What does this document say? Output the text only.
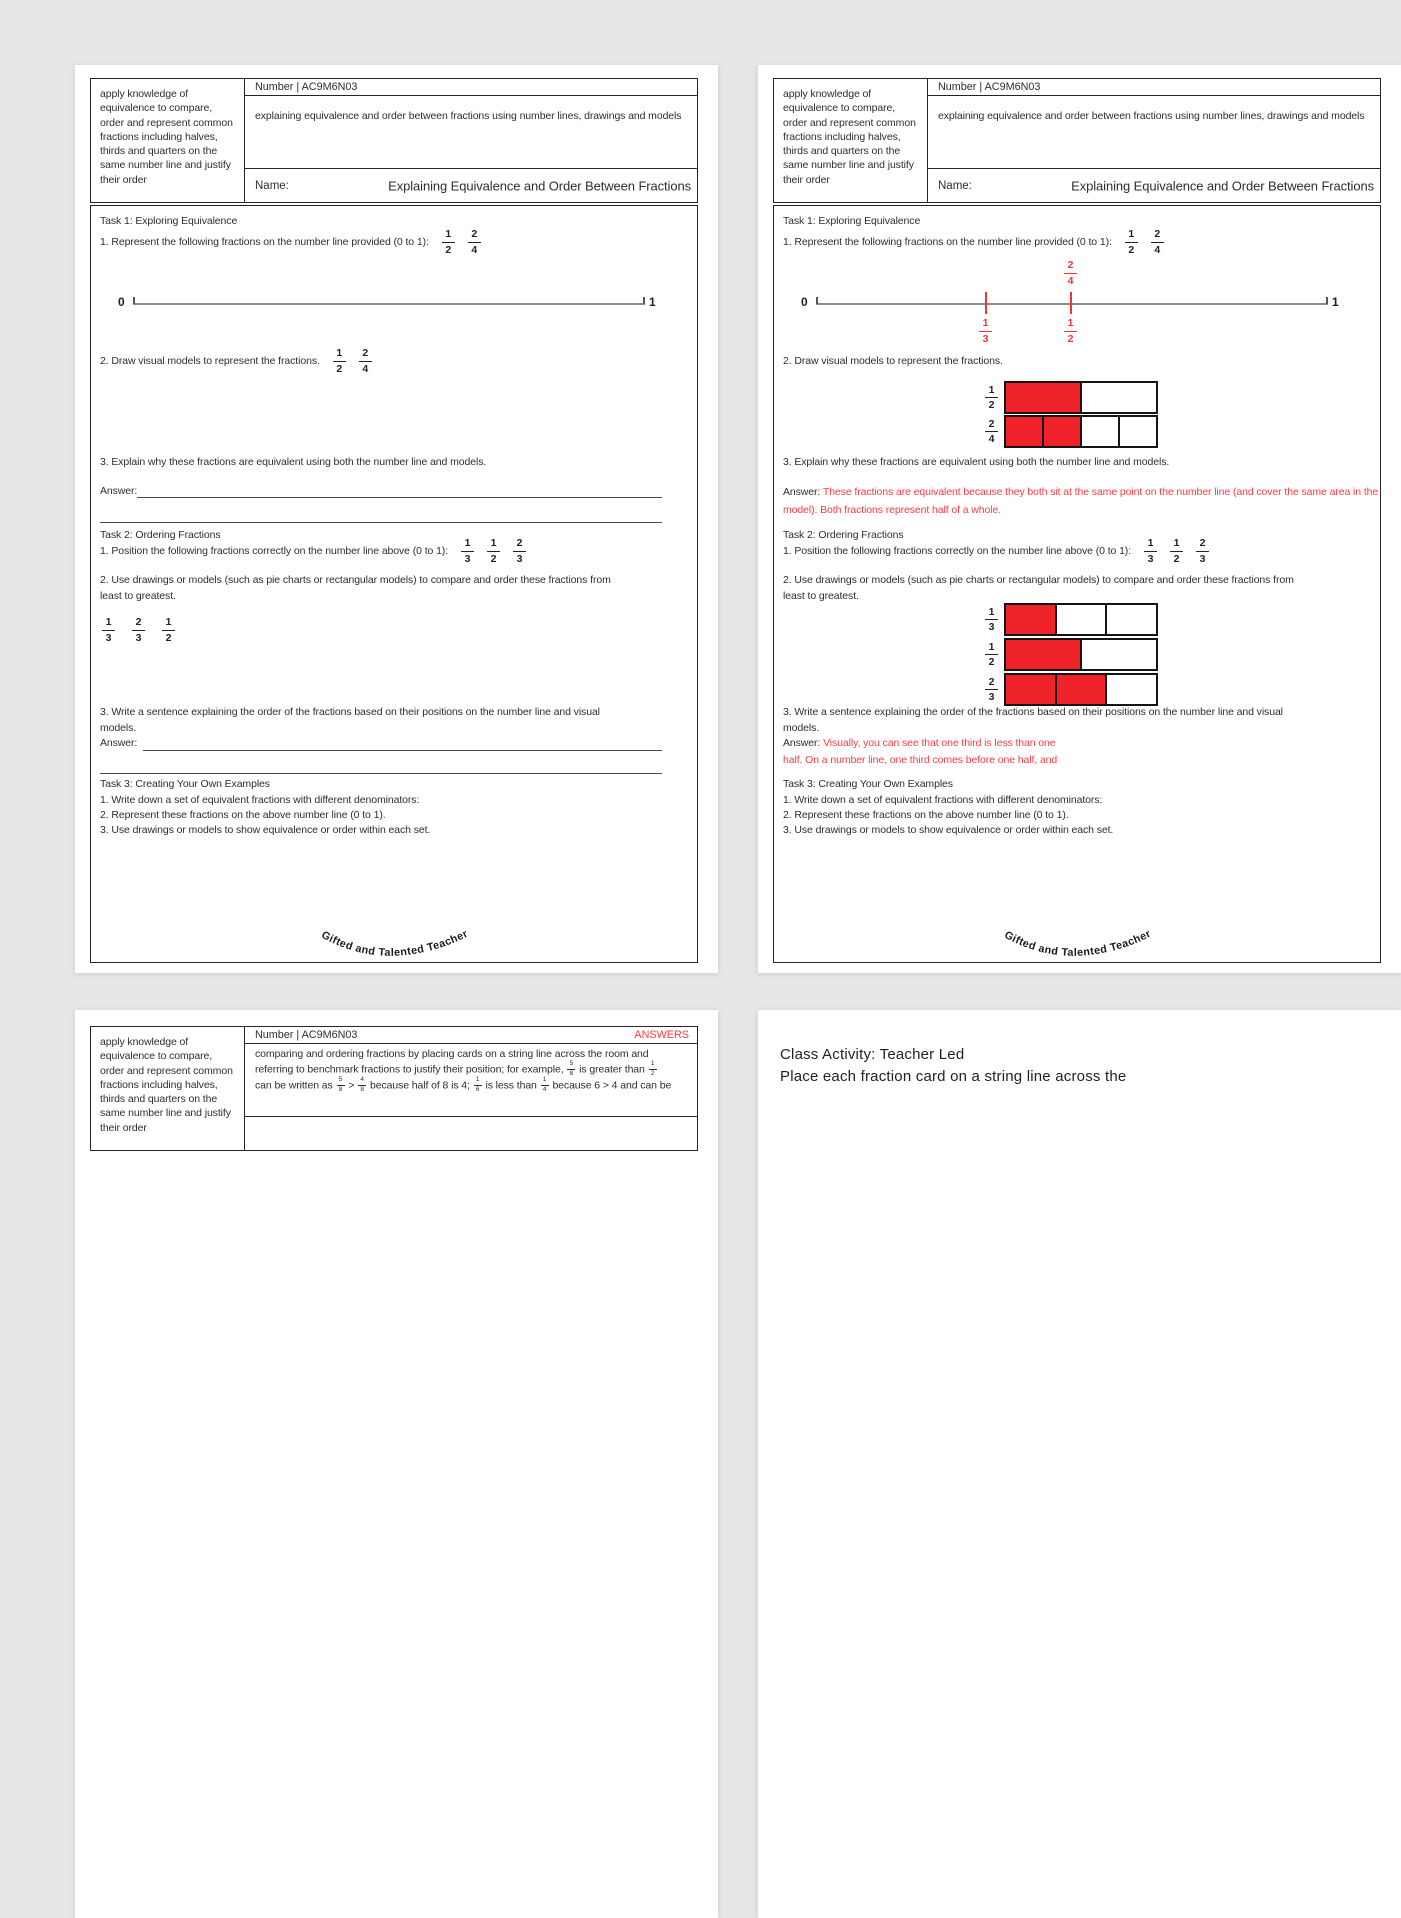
apply knowledge of equivalence to compare, order and represent common fractions including halves, thirds and quarters on the same number line and justify their order
Number | AC9M6N03
explaining equivalence and order between fractions using number lines, drawings and models
Name:	Explaining Equivalence and Order Between Fractions
Task 1: Exploring Equivalence
1. Represent the following fractions on the number line provided (0 to 1): $\frac{1}{2} \frac{2}{4}$
0	1
2. Draw visual models to represent the fractions. $\frac{1}{2} \frac{2}{4}$
3. Explain why these fractions are equivalent using both the number line and models.
Answer:
Task 2: Ordering Fractions
1. Position the following fractions correctly on the number line above (0 to 1): $\frac{1}{3} \frac{1}{2} \frac{2}{3}$
2. Use drawings or models (such as pie charts or rectangular models) to compare and order these fractions from
least to greatest.
$\frac{1}{3} \frac{2}{3} \frac{1}{2}$
3. Write a sentence explaining the order of the fractions based on their positions on the number line and visual
models.
Answer:
Task 3: Creating Your Own Examples
1. Write down a set of equivalent fractions with different denominators:
2. Represent these fractions on the above number line (0 to 1).
3. Use drawings or models to show equivalence or order within each set.
Gifted and Talented Teacher
apply knowledge of equivalence to compare, order and represent common fractions including halves, thirds and quarters on the same number line and justify their order
Number | AC9M6N03
explaining equivalence and order between fractions using number lines, drawings and models
Name:	Explaining Equivalence and Order Between Fractions
Task 1: Exploring Equivalence
1. Represent the following fractions on the number line provided (0 to 1): $\frac{1}{2} \frac{2}{4}$
0	1
$\frac{1}{3}$	$\frac{1}{2}$
$\frac{2}{4}$
2. Draw visual models to represent the fractions.
$\frac{1}{2}$
$\frac{2}{4}$
3. Explain why these fractions are equivalent using both the number line and models.
Answer: These fractions are equivalent because they both sit at the same point on the number line (and cover the same area in the
model). Both fractions represent half of a whole.
Task 2: Ordering Fractions
1. Position the following fractions correctly on the number line above (0 to 1): $\frac{1}{3} \frac{1}{2} \frac{2}{3}$
2. Use drawings or models (such as pie charts or rectangular models) to compare and order these fractions from
least to greatest.
$\frac{1}{3}$
$\frac{1}{2}$
$\frac{2}{3}$
3. Write a sentence explaining the order of the fractions based on their positions on the number line and visual
models.
Answer: Visually, you can see that one third is less than one
half. On a number line, one third comes before one half, and
Task 3: Creating Your Own Examples
1. Write down a set of equivalent fractions with different denominators:
2. Represent these fractions on the above number line (0 to 1).
3. Use drawings or models to show equivalence or order within each set.
Gifted and Talented Teacher
apply knowledge of equivalence to compare, order and represent common fractions including halves, thirds and quarters on the same number line and justify their order
Number | AC9M6N03	ANSWERS
comparing and ordering fractions by placing cards on a string line across the room and
referring to benchmark fractions to justify their position; for example, $\frac{5}{8}$ is greater than $\frac{1}{2}$
can be written as $\frac{5}{8} > \frac{4}{8}$ because half of 8 is 4; $\frac{1}{6}$ is less than $\frac{1}{4}$ because 6 > 4 and can be
Class Activity: Teacher Led
Place each fraction card on a string line across the
